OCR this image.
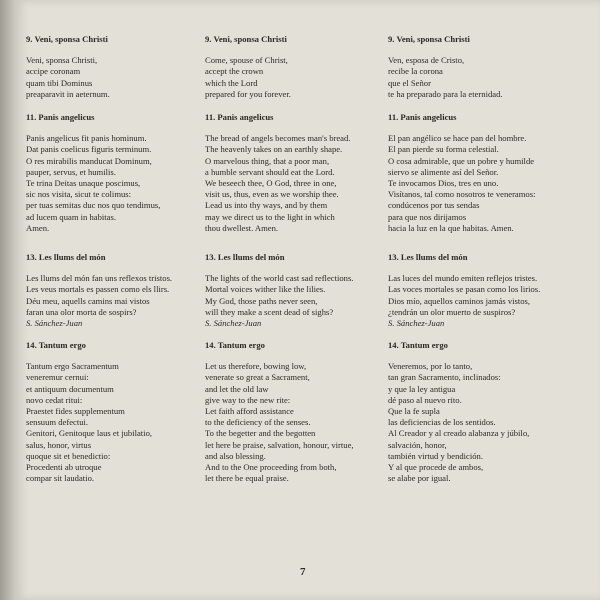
9. Veni, sponsa Christi
Veni, sponsa Christi,
accipe coronam
quam tibi Dominus
preaparavit in aeternum.
11. Panis angelicus
Panis angelicus fit panis hominum.
Dat panis coelicus figuris terminum.
O res mirabilis manducat Dominum,
pauper, servus, et humilis.
Te trina Deitas unaque poscimus,
sic nos visita, sicut te colimus:
per tuas semitas duc nos quo tendimus,
ad lucem quam in habitas.
Amen.
13. Les llums del món
Les llums del món fan uns reflexos tristos.
Les veus mortals es passen como els llirs.
Déu meu, aquells camins mai vistos
faran una olor morta de sospirs?
S. Sánchez-Juan
14. Tantum ergo
Tantum ergo Sacramentum
veneremur cernui:
et antiquum documentum
novo cedat ritui:
Praestet fides supplementum
sensuum defectui.
Genitori, Genitoque laus et jubilatio,
salus, honor, virtus
quoque sit et benedictio:
Procedenti ab utroque
compar sit laudatio.
9. Veni, sponsa Christi
Come, spouse of Christ,
accept the crown
which the Lord
prepared for you forever.
11. Panis angelicus
The bread of angels becomes man's bread.
The heavenly takes on an earthly shape.
O marvelous thing, that a poor man,
a humble servant should eat the Lord.
We beseech thee, O God, three in one,
visit us, thus, even as we worship thee.
Lead us into thy ways, and by them
may we direct us to the light in which
thou dwellest. Amen.
13. Les llums del món
The lights of the world cast sad reflections.
Mortal voices wither like the lilies.
My God, those paths never seen,
will they make a scent dead of sighs?
S. Sánchez-Juan
14. Tantum ergo
Let us therefore, bowing low,
venerate so great a Sacrament,
and let the old law
give way to the new rite:
Let faith afford assistance
to the deficiency of the senses.
To the begetter and the begotten
let here be praise, salvation, honour, virtue,
and also blessing.
And to the One proceeding from both,
let there be equal praise.
9. Veni, sponsa Christi
Ven, esposa de Cristo,
recibe la corona
que el Señor
te ha preparado para la eternidad.
11. Panis angelicus
El pan angélico se hace pan del hombre.
El pan pierde su forma celestial.
O cosa admirable, que un pobre y humilde
siervo se alimente así del Señor.
Te invocamos Dios, tres en uno.
Visítanos, tal como nosotros te veneramos:
condúcenos por tus sendas
para que nos dirijamos
hacia la luz en la que habitas. Amen.
13. Les llums del món
Las luces del mundo emiten reflejos tristes.
Las voces mortales se pasan como los lirios.
Dios mío, aquellos caminos jamás vistos,
¿tendrán un olor muerto de suspiros?
S. Sánchez-Juan
14. Tantum ergo
Veneremos, por lo tanto,
tan gran Sacramento, inclinados:
y que la ley antigua
dé paso al nuevo rito.
Que la fe supla
las deficiencias de los sentidos.
Al Creador y al creado alabanza y júbilo,
salvación, honor,
también virtud y bendición.
Y al que procede de ambos,
se alabe por igual.
7
